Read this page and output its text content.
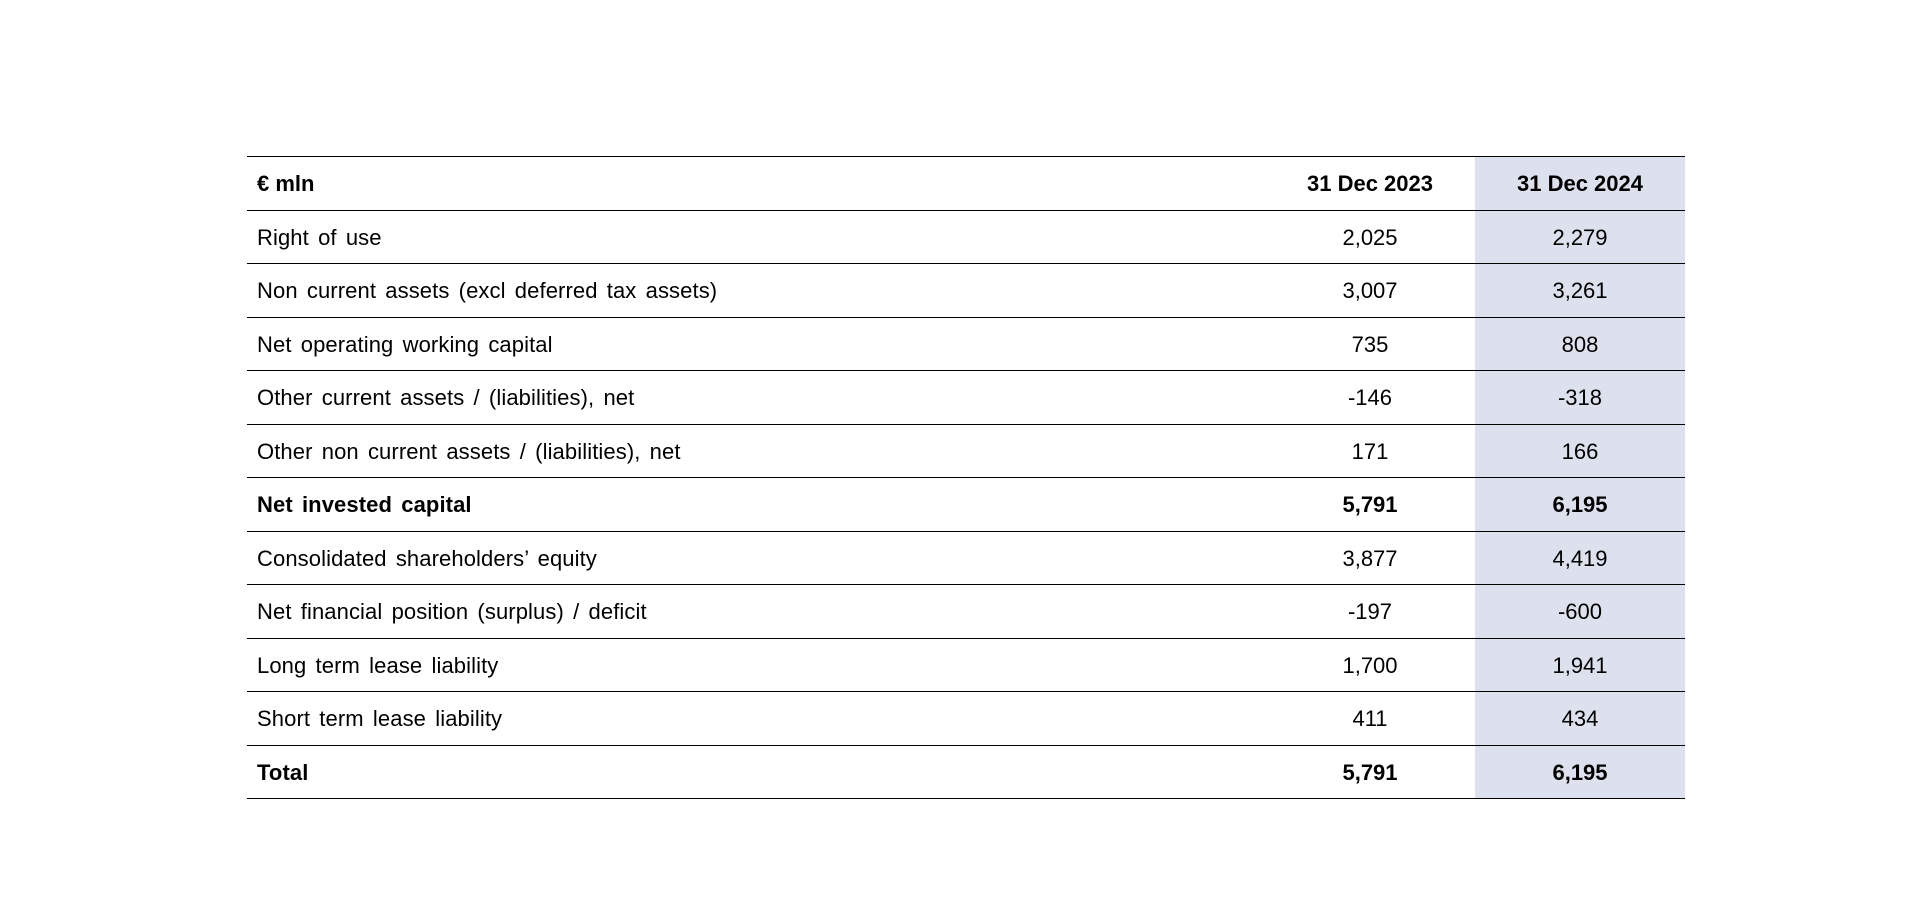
€ mln	31 Dec 2023	31 Dec 2024
Right of use	2,025	2,279
Non current assets (excl deferred tax assets)	3,007	3,261
Net operating working capital	735	808
Other current assets / (liabilities), net	-146	-318
Other non current assets / (liabilities), net	171	166
Net invested capital	5,791	6,195
Consolidated shareholders’ equity	3,877	4,419
Net financial position (surplus) / deficit	-197	-600
Long term lease liability	1,700	1,941
Short term lease liability	411	434
Total	5,791	6,195
